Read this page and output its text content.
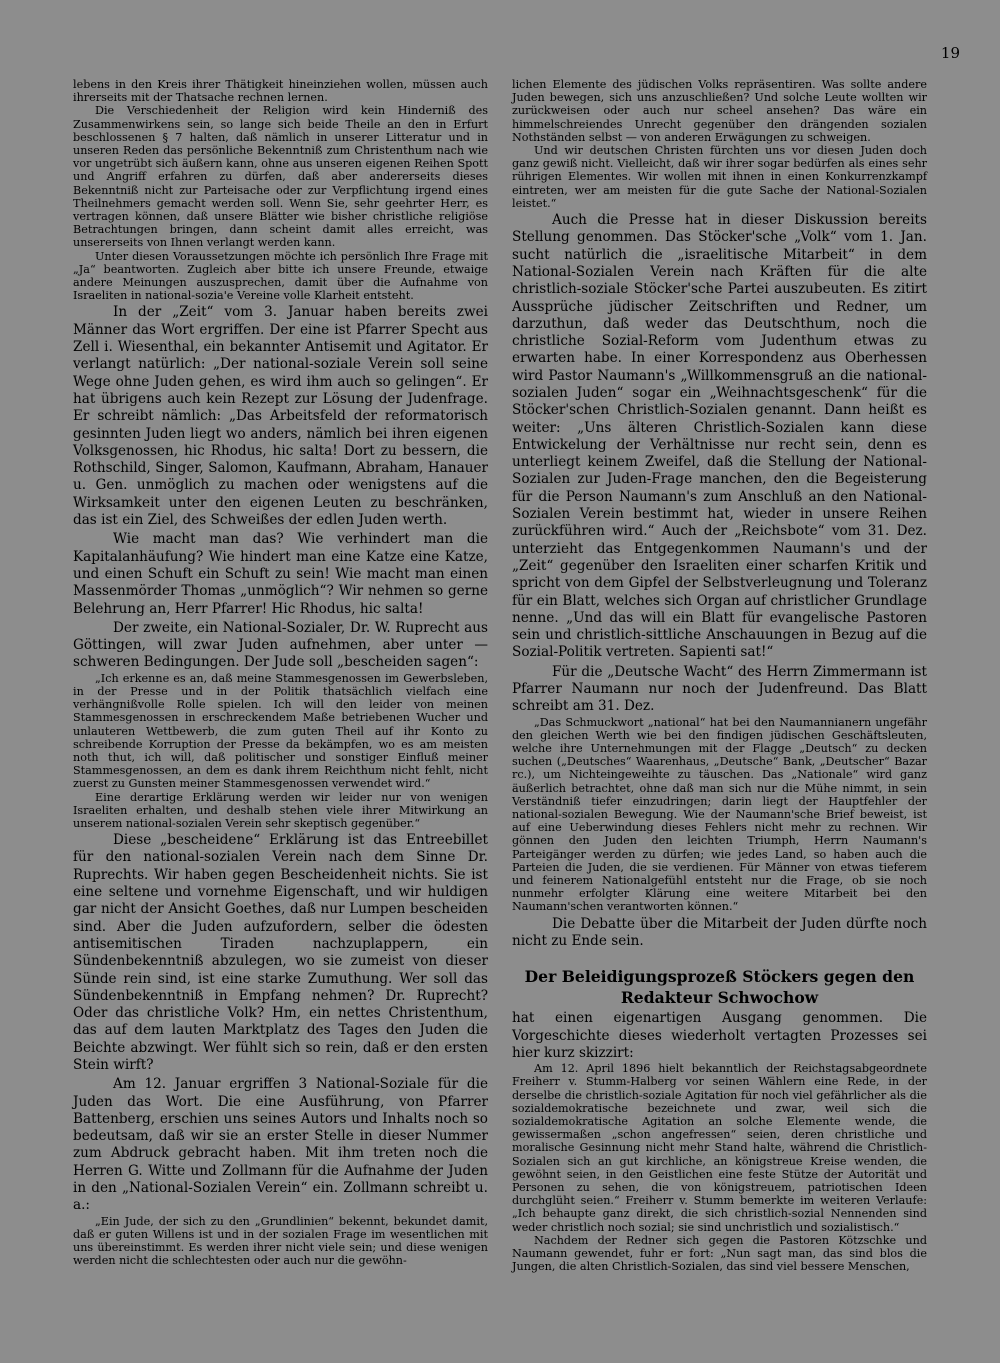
19

lebens in den Kreis ihrer Thätigkeit hineinziehen wollen, müssen auch ihrerseits mit der Thatsache rechnen lernen.

Die Verschiedenheit der Religion wird kein Hinderniß des Zusammenwirkens sein, so lange sich beide Theile an den in Erfurt beschlossenen § 7 halten, daß nämlich in unserer Litteratur und in unseren Reden das persönliche Bekenntniß zum Christenthum nach wie vor ungetrübt sich äußern kann, ohne aus unseren eigenen Reihen Spott und Angriff erfahren zu dürfen, daß aber andererseits dieses Bekenntniß nicht zur Parteisache oder zur Verpflichtung irgend eines Theilnehmers gemacht werden soll. Wenn Sie, sehr geehrter Herr, es vertragen können, daß unsere Blätter wie bisher christliche religiöse Betrachtungen bringen, dann scheint damit alles erreicht, was unsererseits von Ihnen verlangt werden kann.

Unter diesen Voraussetzungen möchte ich persönlich Ihre Frage mit „Ja“ beantworten. Zugleich aber bitte ich unsere Freunde, etwaige andere Meinungen auszusprechen, damit über die Aufnahme von Israeliten in national-sozia'e Vereine volle Klarheit entsteht.

In der „Zeit“ vom 3. Januar haben bereits zwei Männer das Wort ergriffen. Der eine ist Pfarrer Specht aus Zell i. Wiesenthal, ein bekannter Antisemit und Agitator. Er verlangt natürlich: „Der national-soziale Verein soll seine Wege ohne Juden gehen, es wird ihm auch so gelingen“. Er hat übrigens auch kein Rezept zur Lösung der Judenfrage. Er schreibt nämlich: „Das Arbeitsfeld der reformatorisch gesinnten Juden liegt wo anders, nämlich bei ihren eigenen Volksgenossen, hic Rhodus, hic salta! Dort zu bessern, die Rothschild, Singer, Salomon, Kaufmann, Abraham, Hanauer u. Gen. unmöglich zu machen oder wenigstens auf die Wirksamkeit unter den eigenen Leuten zu beschränken, das ist ein Ziel, des Schweißes der edlen Juden werth.

Wie macht man das? Wie verhindert man die Kapitalanhäufung? Wie hindert man eine Katze eine Katze, und einen Schuft ein Schuft zu sein! Wie macht man einen Massenmörder Thomas „unmöglich“? Wir nehmen so gerne Belehrung an, Herr Pfarrer! Hic Rhodus, hic salta!

Der zweite, ein National-Sozialer, Dr. W. Ruprecht aus Göttingen, will zwar Juden aufnehmen, aber unter — schweren Bedingungen. Der Jude soll „bescheiden sagen“:

„Ich erkenne es an, daß meine Stammesgenossen im Gewerbsleben, in der Presse und in der Politik thatsächlich vielfach eine verhängnißvolle Rolle spielen. Ich will den leider von meinen Stammesgenossen in erschreckendem Maße betriebenen Wucher und unlauteren Wettbewerb, die zum guten Theil auf ihr Konto zu schreibende Korruption der Presse da bekämpfen, wo es am meisten noth thut, ich will, daß politischer und sonstiger Einfluß meiner Stammesgenossen, an dem es dank ihrem Reichthum nicht fehlt, nicht zuerst zu Gunsten meiner Stammesgenossen verwendet wird.“

Eine derartige Erklärung werden wir leider nur von wenigen Israeliten erhalten, und deshalb stehen viele ihrer Mitwirkung an unserem national-sozialen Verein sehr skeptisch gegenüber.“

Diese „bescheidene“ Erklärung ist das Entreebillet für den national-sozialen Verein nach dem Sinne Dr. Ruprechts. Wir haben gegen Bescheidenheit nichts. Sie ist eine seltene und vornehme Eigenschaft, und wir huldigen gar nicht der Ansicht Goethes, daß nur Lumpen bescheiden sind. Aber die Juden aufzufordern, selber die ödesten antisemitischen Tiraden nachzuplappern, ein Sündenbekenntniß abzulegen, wo sie zumeist von dieser Sünde rein sind, ist eine starke Zumuthung. Wer soll das Sündenbekenntniß in Empfang nehmen? Dr. Ruprecht? Oder das christliche Volk? Hm, ein nettes Christenthum, das auf dem lauten Marktplatz des Tages den Juden die Beichte abzwingt. Wer fühlt sich so rein, daß er den ersten Stein wirft?

Am 12. Januar ergriffen 3 National-Soziale für die Juden das Wort. Die eine Ausführung, von Pfarrer Battenberg, erschien uns seines Autors und Inhalts noch so bedeutsam, daß wir sie an erster Stelle in dieser Nummer zum Abdruck gebracht haben. Mit ihm treten noch die Herren G. Witte und Zollmann für die Aufnahme der Juden in den „National-Sozialen Verein“ ein. Zollmann schreibt u. a.:

„Ein Jude, der sich zu den „Grundlinien“ bekennt, bekundet damit, daß er guten Willens ist und in der sozialen Frage im wesentlichen mit uns übereinstimmt. Es werden ihrer nicht viele sein; und diese wenigen werden nicht die schlechtesten oder auch nur die gewöhn-

lichen Elemente des jüdischen Volks repräsentiren. Was sollte andere Juden bewegen, sich uns anzuschließen? Und solche Leute wollten wir zurückweisen oder auch nur scheel ansehen? Das wäre ein himmelschreiendes Unrecht gegenüber den drängenden sozialen Nothständen selbst — von anderen Erwägungen zu schweigen.

Und wir deutschen Christen fürchten uns vor diesen Juden doch ganz gewiß nicht. Vielleicht, daß wir ihrer sogar bedürfen als eines sehr rührigen Elementes. Wir wollen mit ihnen in einen Konkurrenzkampf eintreten, wer am meisten für die gute Sache der National-Sozialen leistet.“

Auch die Presse hat in dieser Diskussion bereits Stellung genommen. Das Stöcker'sche „Volk“ vom 1. Jan. sucht natürlich die „israelitische Mitarbeit“ in dem National-Sozialen Verein nach Kräften für die alte christlich-soziale Stöcker'sche Partei auszubeuten. Es zitirt Aussprüche jüdischer Zeitschriften und Redner, um darzuthun, daß weder das Deutschthum, noch die christliche Sozial-Reform vom Judenthum etwas zu erwarten habe. In einer Korrespondenz aus Oberhessen wird Pastor Naumann's „Willkommensgruß an die national-sozialen Juden“ sogar ein „Weihnachtsgeschenk“ für die Stöcker'schen Christlich-Sozialen genannt. Dann heißt es weiter: „Uns älteren Christlich-Sozialen kann diese Entwickelung der Verhältnisse nur recht sein, denn es unterliegt keinem Zweifel, daß die Stellung der National-Sozialen zur Juden-Frage manchen, den die Begeisterung für die Person Naumann's zum Anschluß an den National-Sozialen Verein bestimmt hat, wieder in unsere Reihen zurückführen wird.“ Auch der „Reichsbote“ vom 31. Dez. unterzieht das Entgegenkommen Naumann's und der „Zeit“ gegenüber den Israeliten einer scharfen Kritik und spricht von dem Gipfel der Selbstverleugnung und Toleranz für ein Blatt, welches sich Organ auf christlicher Grundlage nenne. „Und das will ein Blatt für evangelische Pastoren sein und christlich-sittliche Anschauungen in Bezug auf die Sozial-Politik vertreten. Sapienti sat!“

Für die „Deutsche Wacht“ des Herrn Zimmermann ist Pfarrer Naumann nur noch der Judenfreund. Das Blatt schreibt am 31. Dez.

„Das Schmuckwort „national“ hat bei den Naumannianern ungefähr den gleichen Werth wie bei den findigen jüdischen Geschäftsleuten, welche ihre Unternehmungen mit der Flagge „Deutsch“ zu decken suchen („Deutsches“ Waarenhaus, „Deutsche“ Bank, „Deutscher“ Bazar rc.), um Nichteingeweihte zu täuschen. Das „Nationale“ wird ganz äußerlich betrachtet, ohne daß man sich nur die Mühe nimmt, in sein Verständniß tiefer einzudringen; darin liegt der Hauptfehler der national-sozialen Bewegung. Wie der Naumann'sche Brief beweist, ist auf eine Ueberwindung dieses Fehlers nicht mehr zu rechnen. Wir gönnen den Juden den leichten Triumph, Herrn Naumann's Parteigänger werden zu dürfen; wie jedes Land, so haben auch die Parteien die Juden, die sie verdienen. Für Männer von etwas tieferem und feinerem Nationalgefühl entsteht nur die Frage, ob sie noch nunmehr erfolgter Klärung eine weitere Mitarbeit bei den Naumann'schen verantworten können.“

Die Debatte über die Mitarbeit der Juden dürfte noch nicht zu Ende sein.

Der Beleidigungsprozeß Stöckers gegen den
Redakteur Schwochow

hat einen eigenartigen Ausgang genommen. Die Vorgeschichte dieses wiederholt vertagten Prozesses sei hier kurz skizzirt:

Am 12. April 1896 hielt bekanntlich der Reichstagsabgeordnete Freiherr v. Stumm-Halberg vor seinen Wählern eine Rede, in der derselbe die christlich-soziale Agitation für noch viel gefährlicher als die sozialdemokratische bezeichnete und zwar, weil sich die sozialdemokratische Agitation an solche Elemente wende, die gewissermaßen „schon angefressen“ seien, deren christliche und moralische Gesinnung nicht mehr Stand halte, während die Christlich-Sozialen sich an gut kirchliche, an königstreue Kreise wenden, die gewöhnt seien, in den Geistlichen eine feste Stütze der Autorität und Personen zu sehen, die von königstreuem, patriotischen Ideen durchglüht seien.“ Freiherr v. Stumm bemerkte im weiteren Verlaufe: „Ich behaupte ganz direkt, die sich christlich-sozial Nennenden sind weder christlich noch sozial; sie sind unchristlich und sozialistisch.“

Nachdem der Redner sich gegen die Pastoren Kötzschke und Naumann gewendet, fuhr er fort: „Nun sagt man, das sind blos die Jungen, die alten Christlich-Sozialen, das sind viel bessere Menschen,
